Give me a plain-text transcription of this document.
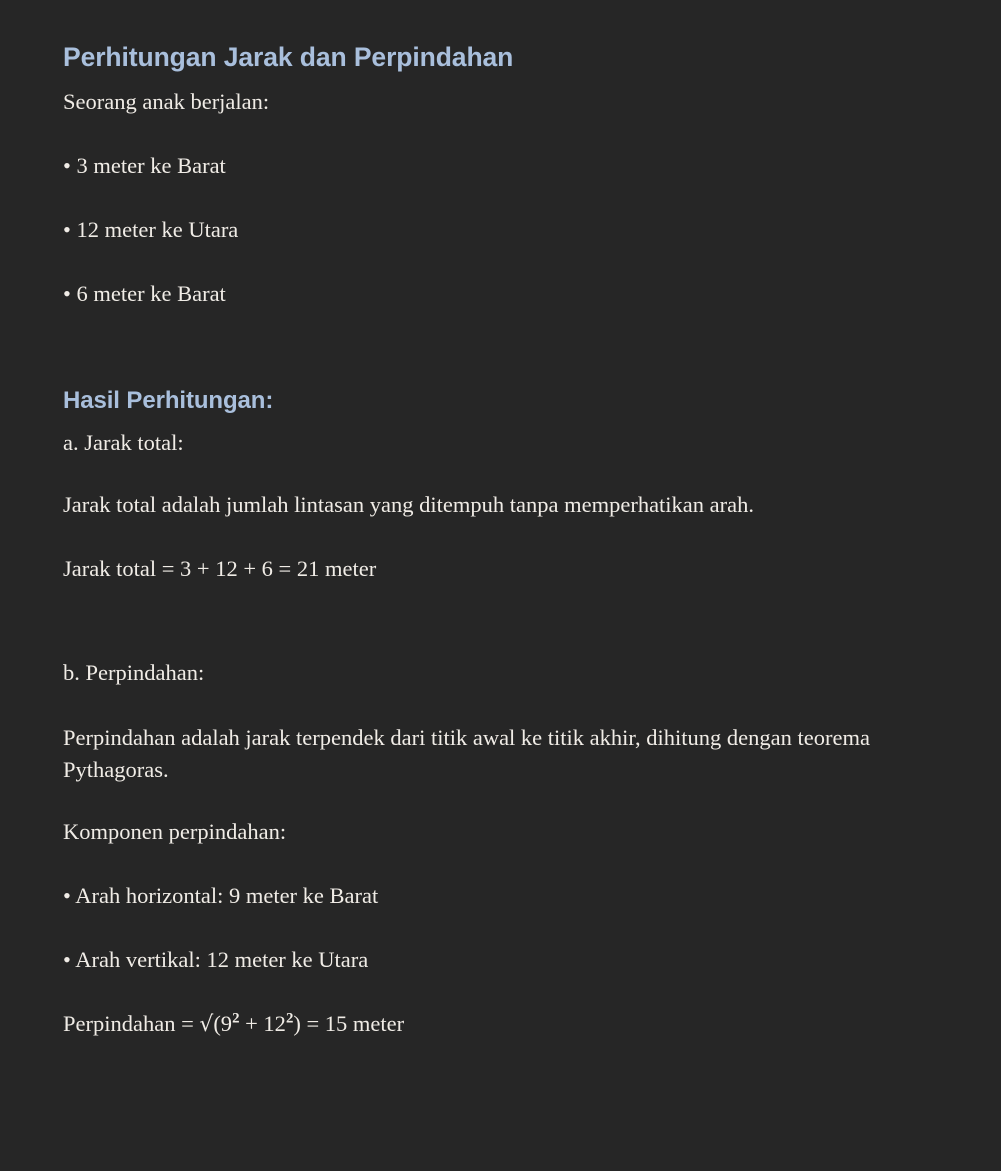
Perhitungan Jarak dan Perpindahan

Seorang anak berjalan:

• 3 meter ke Barat

• 12 meter ke Utara

• 6 meter ke Barat

Hasil Perhitungan:

a. Jarak total:

Jarak total adalah jumlah lintasan yang ditempuh tanpa memperhatikan arah.

Jarak total = 3 + 12 + 6 = 21 meter

b. Perpindahan:

Perpindahan adalah jarak terpendek dari titik awal ke titik akhir, dihitung dengan teorema Pythagoras.

Komponen perpindahan:

• Arah horizontal: 9 meter ke Barat

• Arah vertikal: 12 meter ke Utara

Perpindahan = $√(9^2 + 12^2) = 15$ meter
